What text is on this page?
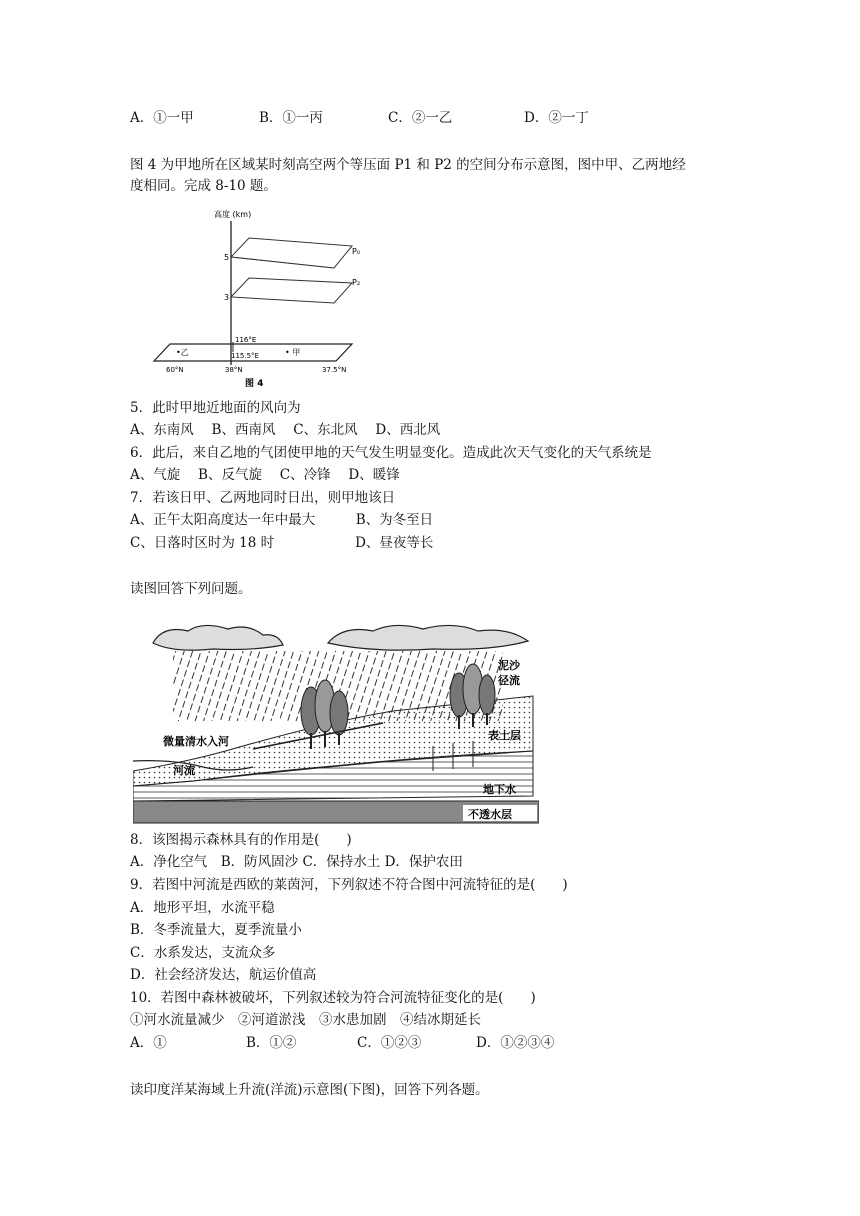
A．①一甲	B．①一丙	C．②一乙	D．②一丁
图 4 为甲地所在区域某时刻高空两个等压面 P1 和 P2 的空间分布示意图，图中甲、乙两地经
度相同。完成 8-10 题。
高度 (km)
5
3
P₀
P₂
116°E
115.5°E
•乙	• 甲
60°N	38°N	37.5°N
图 4
5．此时甲地近地面的风向为
A、东南风　 B、西南风　 C、东北风　 D、西北风
6．此后，来自乙地的气团使甲地的天气发生明显变化。造成此次天气变化的天气系统是
A、气旋　 B、反气旋　 C、冷锋　 D、暖锋
7．若该日甲、乙两地同时日出，则甲地该日
A、正午太阳高度达一年中最大　　　B、为冬至日
C、日落时区时为 18 时　　　　　　D、昼夜等长
读图回答下列问题。
微量清水入河
河流
泥沙
径流
表土层
地下水
不透水层
8．该图揭示森林具有的作用是(　　)
A．净化空气　B．防风固沙 C．保持水土 D．保护农田
9．若图中河流是西欧的莱茵河，下列叙述不符合图中河流特征的是(　　)
A．地形平坦，水流平稳
B．冬季流量大，夏季流量小
C．水系发达，支流众多
D．社会经济发达，航运价值高
10．若图中森林被破坏，下列叙述较为符合河流特征变化的是(　　)
①河水流量减少　②河道淤浅　③水患加剧　④结冰期延长
A．①	B．①②	C．①②③	D．①②③④
读印度洋某海域上升流(洋流)示意图(下图)，回答下列各题。
